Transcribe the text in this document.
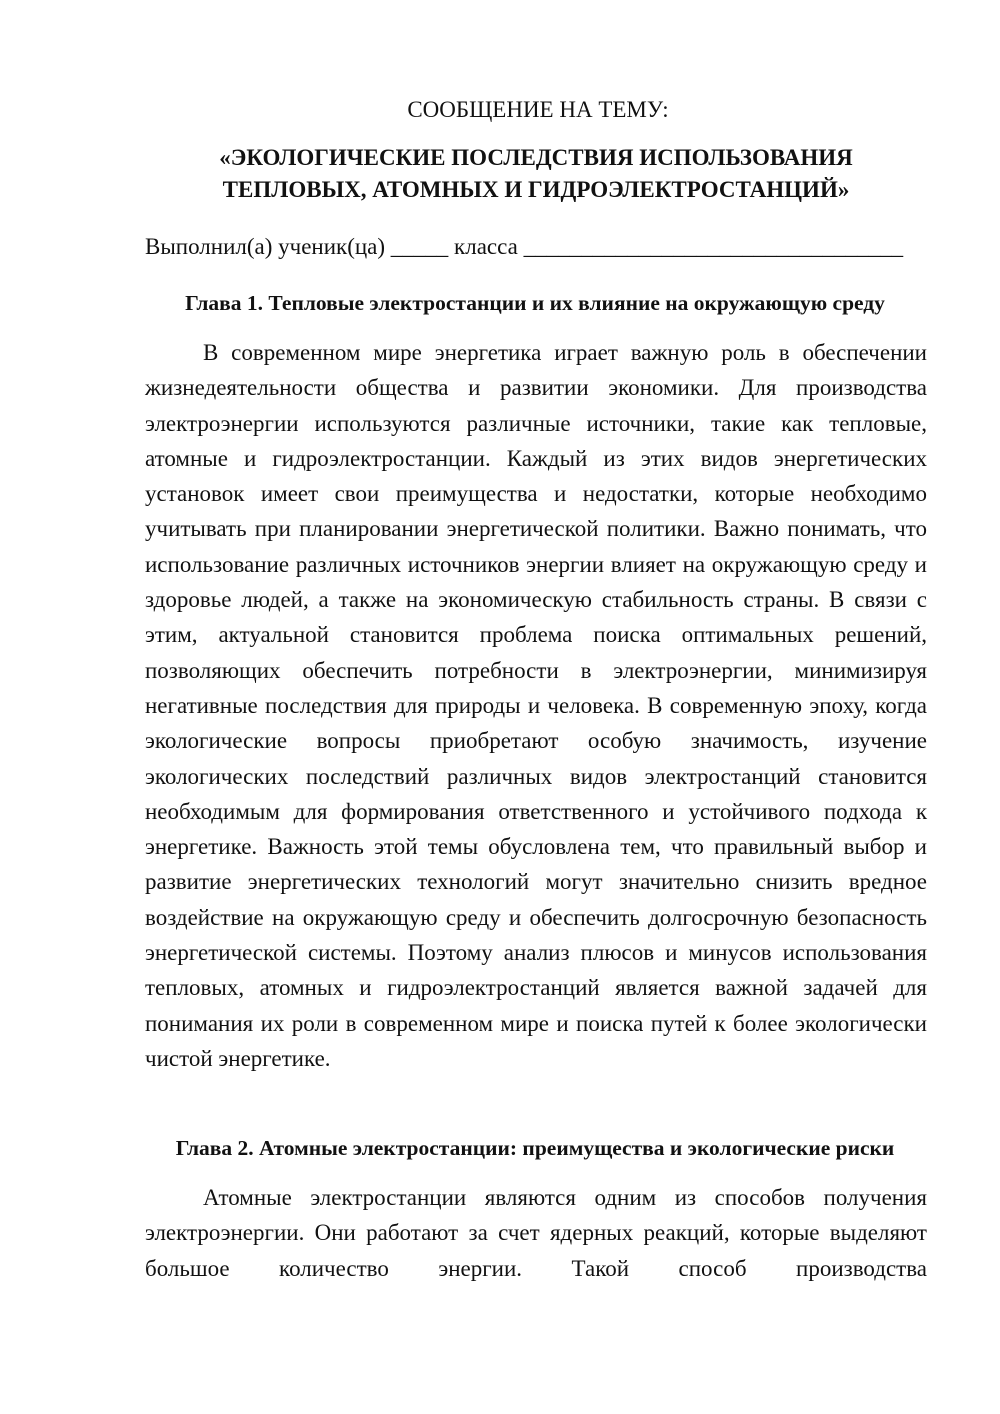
СООБЩЕНИЕ НА ТЕМУ:
«ЭКОЛОГИЧЕСКИЕ ПОСЛЕДСТВИЯ ИСПОЛЬЗОВАНИЯ
ТЕПЛОВЫХ, АТОМНЫХ И ГИДРОЭЛЕКТРОСТАНЦИЙ»
Выполнил(а) ученик(ца) _____ класса _________________________________
Глава 1. Тепловые электростанции и их влияние на окружающую среду

В современном мире энергетика играет важную роль в обеспечении жизнедеятельности общества и развитии экономики. Для производства электроэнергии используются различные источники, такие как тепловые, атомные и гидроэлектростанции. Каждый из этих видов энергетических установок имеет свои преимущества и недостатки, которые необходимо учитывать при планировании энергетической политики. Важно понимать, что использование различных источников энергии влияет на окружающую среду и здоровье людей, а также на экономическую стабильность страны. В связи с этим, актуальной становится проблема поиска оптимальных решений, позволяющих обеспечить потребности в электроэнергии, минимизируя негативные последствия для природы и человека. В современную эпоху, когда экологические вопросы приобретают особую значимость, изучение экологических последствий различных видов электростанций становится необходимым для формирования ответственного и устойчивого подхода к энергетике. Важность этой темы обусловлена тем, что правильный выбор и развитие энергетических технологий могут значительно снизить вредное воздействие на окружающую среду и обеспечить долгосрочную безопасность энергетической системы. Поэтому анализ плюсов и минусов использования тепловых, атомных и гидроэлектростанций является важной задачей для понимания их роли в современном мире и поиска путей к более экологически чистой энергетике.

Глава 2. Атомные электростанции: преимущества и экологические риски

Атомные электростанции являются одним из способов получения электроэнергии. Они работают за счет ядерных реакций, которые выделяют большое количество энергии. Такой способ производства
